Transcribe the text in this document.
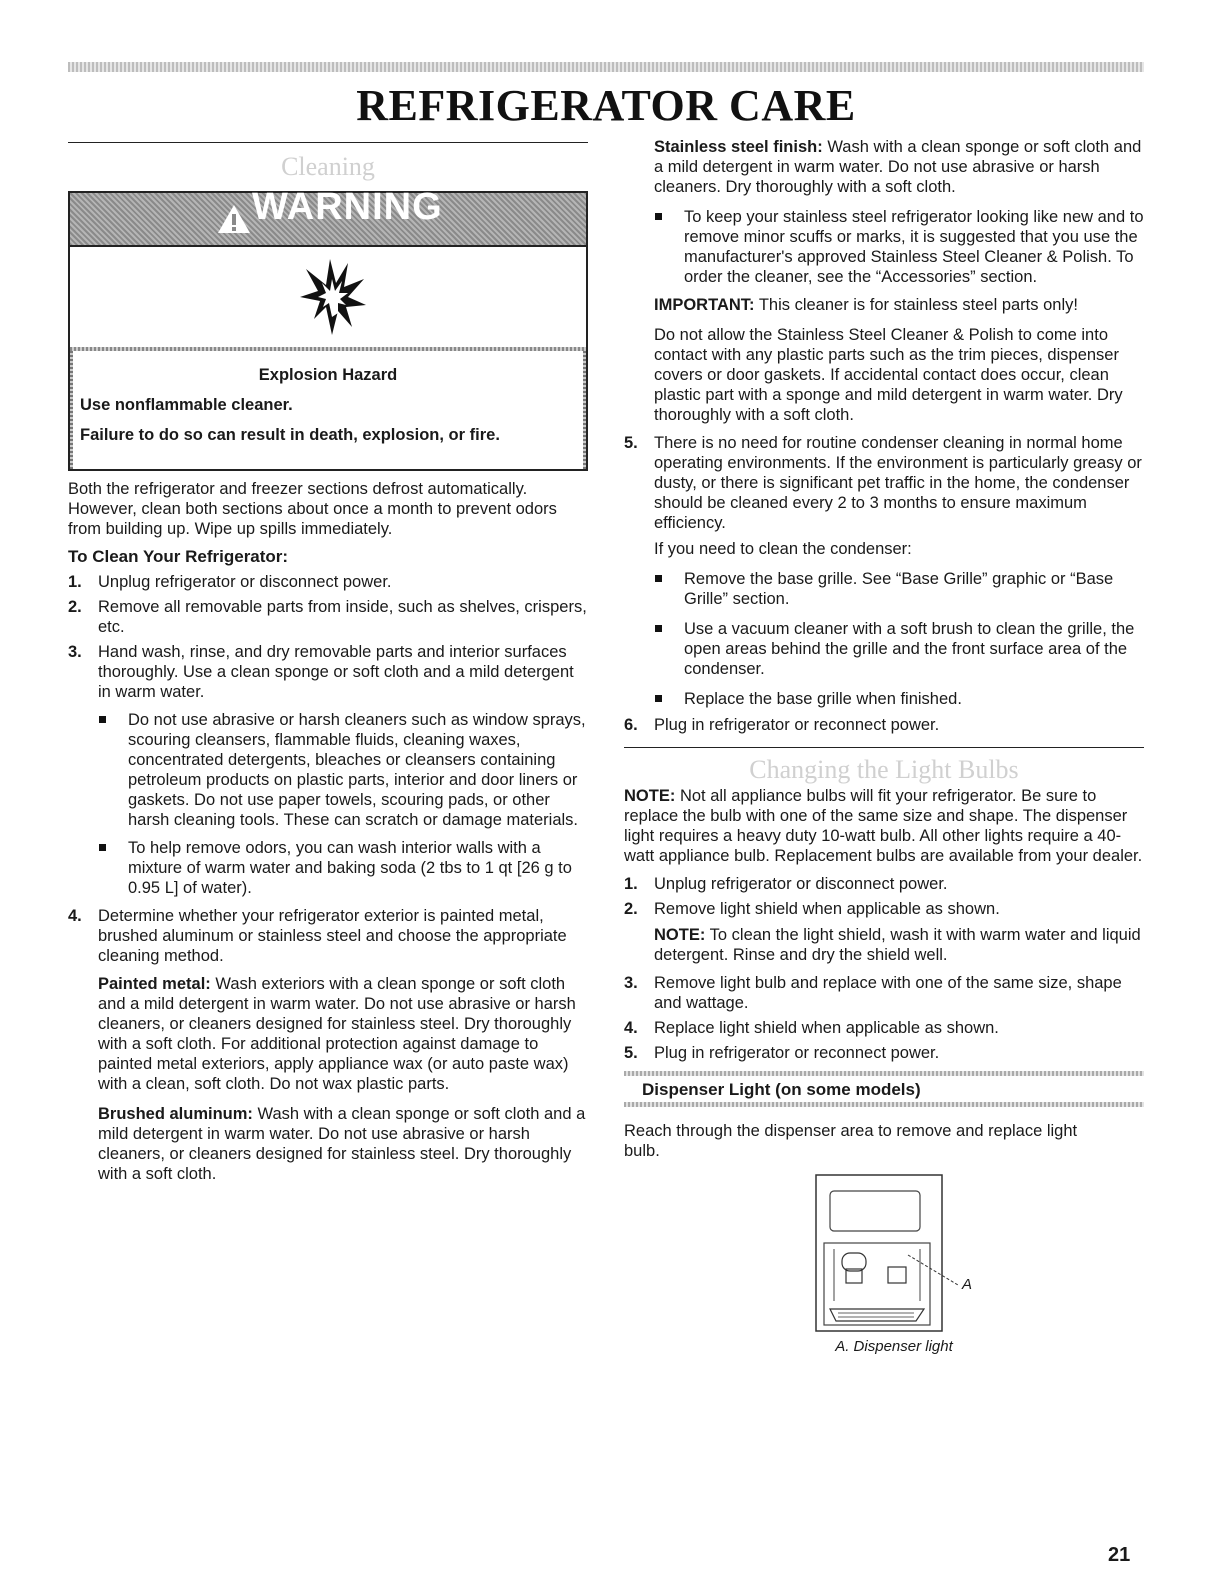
REFRIGERATOR CARE
Cleaning
WARNING

Explosion Hazard

Use nonflammable cleaner.

Failure to do so can result in death, explosion, or fire.

Both the refrigerator and freezer sections defrost automatically. However, clean both sections about once a month to prevent odors from building up. Wipe up spills immediately.

To Clean Your Refrigerator:

1. Unplug refrigerator or disconnect power.
2. Remove all removable parts from inside, such as shelves, crispers, etc.
3. Hand wash, rinse, and dry removable parts and interior surfaces thoroughly. Use a clean sponge or soft cloth and a mild detergent in warm water.
Do not use abrasive or harsh cleaners such as window sprays, scouring cleansers, flammable fluids, cleaning waxes, concentrated detergents, bleaches or cleansers containing petroleum products on plastic parts, interior and door liners or gaskets. Do not use paper towels, scouring pads, or other harsh cleaning tools. These can scratch or damage materials.
To help remove odors, you can wash interior walls with a mixture of warm water and baking soda (2 tbs to 1 qt [26 g to 0.95 L] of water).
4. Determine whether your refrigerator exterior is painted metal, brushed aluminum or stainless steel and choose the appropriate cleaning method.

Painted metal: Wash exteriors with a clean sponge or soft cloth and a mild detergent in warm water. Do not use abrasive or harsh cleaners, or cleaners designed for stainless steel. Dry thoroughly with a soft cloth. For additional protection against damage to painted metal exteriors, apply appliance wax (or auto paste wax) with a clean, soft cloth. Do not wax plastic parts.

Brushed aluminum: Wash with a clean sponge or soft cloth and a mild detergent in warm water. Do not use abrasive or harsh cleaners, or cleaners designed for stainless steel. Dry thoroughly with a soft cloth.

Stainless steel finish: Wash with a clean sponge or soft cloth and a mild detergent in warm water. Do not use abrasive or harsh cleaners. Dry thoroughly with a soft cloth.

To keep your stainless steel refrigerator looking like new and to remove minor scuffs or marks, it is suggested that you use the manufacturer's approved Stainless Steel Cleaner & Polish. To order the cleaner, see the “Accessories” section.

IMPORTANT: This cleaner is for stainless steel parts only!

Do not allow the Stainless Steel Cleaner & Polish to come into contact with any plastic parts such as the trim pieces, dispenser covers or door gaskets. If accidental contact does occur, clean plastic part with a sponge and mild detergent in warm water. Dry thoroughly with a soft cloth.

5. There is no need for routine condenser cleaning in normal home operating environments. If the environment is particularly greasy or dusty, or there is significant pet traffic in the home, the condenser should be cleaned every 2 to 3 months to ensure maximum efficiency.

If you need to clean the condenser:

Remove the base grille. See “Base Grille” graphic or “Base Grille” section.
Use a vacuum cleaner with a soft brush to clean the grille, the open areas behind the grille and the front surface area of the condenser.
Replace the base grille when finished.
6. Plug in refrigerator or reconnect power.
Changing the Light Bulbs

NOTE: Not all appliance bulbs will fit your refrigerator. Be sure to replace the bulb with one of the same size and shape. The dispenser light requires a heavy duty 10-watt bulb. All other lights require a 40-watt appliance bulb. Replacement bulbs are available from your dealer.

1. Unplug refrigerator or disconnect power.
2. Remove light shield when applicable as shown.

NOTE: To clean the light shield, wash it with warm water and liquid detergent. Rinse and dry the shield well.

3. Remove light bulb and replace with one of the same size, shape and wattage.
4. Replace light shield when applicable as shown.
5. Plug in refrigerator or reconnect power.

Dispenser Light (on some models)

Reach through the dispenser area to remove and replace light bulb.

A

A. Dispenser light

21
